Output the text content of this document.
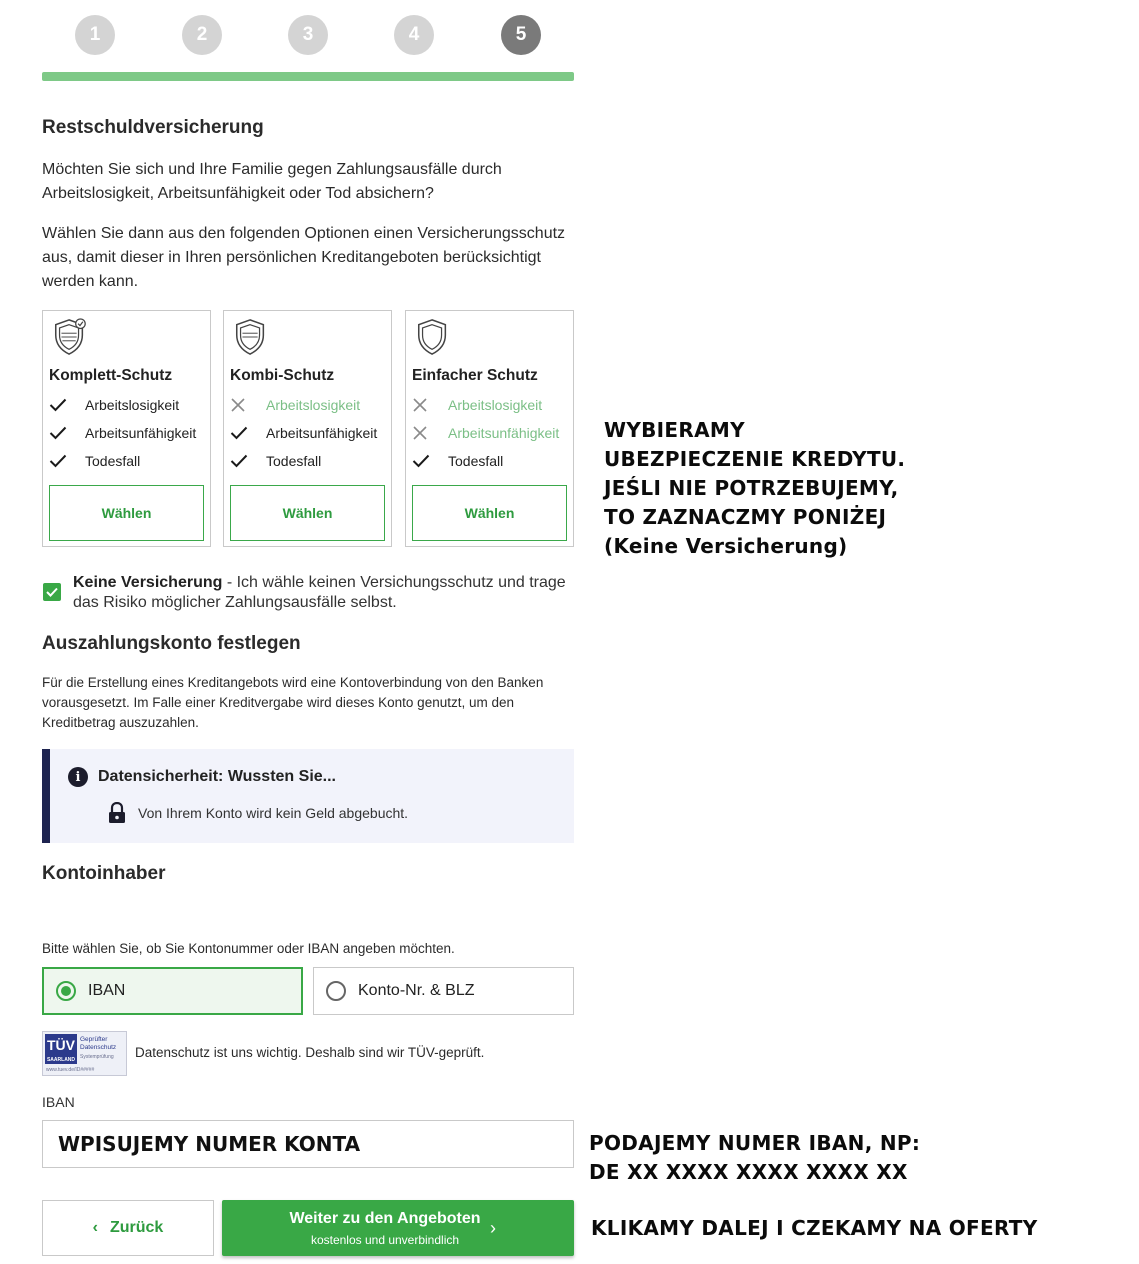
1	2	3	4	5
Restschuldversicherung
Möchten Sie sich und Ihre Familie gegen Zahlungsausfälle durch Arbeitslosigkeit, Arbeitsunfähigkeit oder Tod absichern?
Wählen Sie dann aus den folgenden Optionen einen Versicherungsschutz aus, damit dieser in Ihren persönlichen Kreditangeboten berücksichtigt werden kann.
Komplett-Schutz
Arbeitslosigkeit
Arbeitsunfähigkeit
Todesfall
Wählen
Kombi-Schutz
Arbeitslosigkeit
Arbeitsunfähigkeit
Todesfall
Wählen
Einfacher Schutz
Arbeitslosigkeit
Arbeitsunfähigkeit
Todesfall
Wählen
Keine Versicherung - Ich wähle keinen Versichungsschutz und trage das Risiko möglicher Zahlungsausfälle selbst.
Auszahlungskonto festlegen
Für die Erstellung eines Kreditangebots wird eine Kontoverbindung von den Banken vorausgesetzt. Im Falle einer Kreditvergabe wird dieses Konto genutzt, um den Kreditbetrag auszuzahlen.
i	Datensicherheit: Wussten Sie...
Von Ihrem Konto wird kein Geld abgebucht.
Kontoinhaber
Bitte wählen Sie, ob Sie Kontonummer oder IBAN angeben möchten.
IBAN	Konto-Nr. & BLZ
TÜV
SAARLAND
Geprüfter Datenschutz
Systemprüfung
www.tuev.de/ID#####
Datenschutz ist uns wichtig. Deshalb sind wir TÜV-geprüft.
IBAN
WPISUJEMY NUMER KONTA
‹ Zurück
Weiter zu den Angeboten
kostenlos und unverbindlich
›
WYBIERAMY
UBEZPIECZENIE KREDYTU.
JEŚLI NIE POTRZEBUJEMY,
TO ZAZNACZMY PONIŻEJ
(Keine Versicherung)
PODAJEMY NUMER IBAN, NP:
DE XX XXXX XXXX XXXX XX
KLIKAMY DALEJ I CZEKAMY NA OFERTY
